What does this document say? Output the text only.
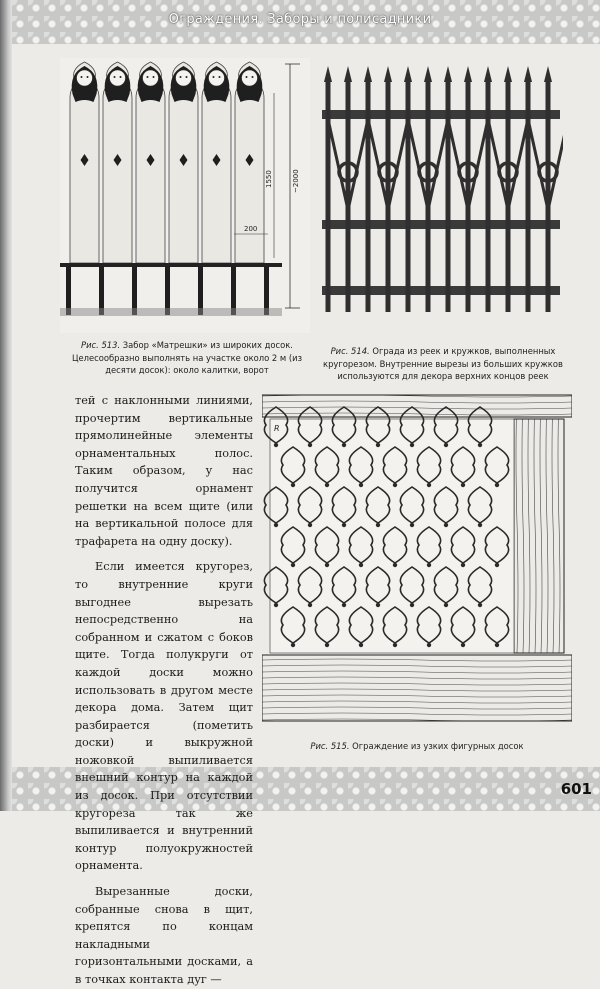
Ограждения. Заборы и полисадники
601
200
1550	~2000
Рис. 513. Забор «Матрешки» из широких досок. Целесообразно выполнять на участке около 2 м (из десяти досок): около калитки, ворот
Рис. 514. Ограда из реек и кружков, выполненных кругорезом. Внутренние вырезы из больших кружков используются для декора верхних концов реек

тей с наклонными линиями, прочертим вертикальные прямолинейные элементы орнаментальных полос. Таким образом, у нас получится орнамент решетки на всем щите (или на вертикальной полосе для трафарета на одну доску).

Если имеется кругорез, то внутренние круги выгоднее вырезать непосредственно на собранном и сжатом с боков щите. Тогда полукруги от каждой доски можно использовать в другом месте декора дома. Затем щит разбирается (пометить доски) и выкружной ножовкой выпиливается внешний контур на каждой из досок. При отсутствии кругореза так же выпиливается и внутренний контур полуокружностей орнамента.

Вырезанные доски, собранные снова в щит, крепятся по концам накладными горизонтальными досками, а в точках контакта дуг —

R
Рис. 515. Ограждение из узких фигурных досок
